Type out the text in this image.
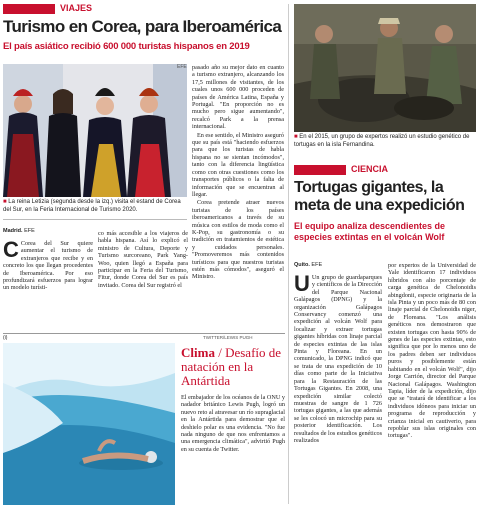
VIAJES
Turismo en Corea, para Iberoamérica
El país asiático recibió 600 000 turistas hispanos en 2019
EFE
■ La reina Letizia (segunda desde la izq.) visita el estand de Corea del Sur, en la Feria Internacional de Turismo 2020.
Madrid. EFE
C Corea del Sur quiere aumentar el turismo de extranjeros que recibe y en concreto los que llegan procedentes de Iberoamérica. Por eso profundizará esfuerzos para lograr un modelo turísti-
co más accesible a los viajeros de habla hispana. Así lo explicó el ministro de Cultura, Deporte y Turismo surcoreano, Park Yang-Woo, quien llegó a España para participar en la Feria del Turismo, Fitur, donde Corea del Sur es país invitado. Corea del Sur registró el

pasado año su mejor dato en cuanto a turismo extranjero, alcanzando los 17,5 millones de visitantes, de los cuales unos 600 000 proceden de países de América Latina, España y Portugal. "En proporción no es mucho pero sigue aumentando", recalcó Park a la prensa internacional.

En ese sentido, el Ministro aseguró que su país está "haciendo esfuerzos para que los turistas de habla hispana no se sientan incómodos", tanto con la diferencia lingüística como con otras cuestiones como los transportes públicos o la falta de información que se encuentran al llegar.

Corea pretende atraer nuevos turistas de los países iberoamericanos a través de su música con estilos de moda como el K-Pop, su gastronomía o su tradición en tratamientos de estética y cuidados personales. "Promoveremos más contenidos turísticos para que nuestros turistas estén más cómodos", aseguró el Ministro.

(i)	TWITTER/LEWIS PUGH
Clima / Desafío de natación en la Antártida
El embajador de los océanos de la ONU y nadador británico Lewis Pugh, logró un nuevo reto al atravesar un río supraglacial en la Antártida para demostrar que el deshielo polar es una evidencia. "No fue nada ninguno de que nos enfrentamos a una emergencia climática", advirtió Pugh en su cuenta de Twitter.
■ En el 2015, un grupo de expertos realizó un estudio genético de tortugas en la isla Fernandina.
CIENCIA
Tortugas gigantes, la meta de una expedición
El equipo analiza descendientes de especies extintas en el volcán Wolf
Quito. EFE
U Un grupo de guardaparques y científicos de la Dirección del Parque Nacional Galápagos (DPNG) y la organización Galápagos Conservancy comenzó una expedición al volcán Wolf para localizar y extraer tortugas gigantes híbridas con linaje parcial de especies extintas de las islas Pinta y Floreana. En un comunicado, la DPNG indicó que se trata de una expedición de 10 días como parte de la Iniciativa para la Restauración de las Tortugas Gigantes. En 2008, una expedición similar colectó muestras de sangre de 1 726 tortugas gigantes, a las que además se les colocó un microchip para su posterior identificación. Los resultados de los estudios genéticos realizados
por expertos de la Universidad de Yale identificaron 17 individuos híbridos con alto porcentaje de carga genética de Chelonoidis abingdonii, especie originaria de la isla Pinta y un poco más de 80 con linaje parcial de Chelonoidis niger, de Floreana. "Los análisis genéticos nos demostraron que existen tortugas con hasta 90% de genes de las especies extintas, esto significa que por lo menos uno de los padres deben ser individuos puros y posiblemente están habitando en el volcán Wolf", dijo Jorge Carrión, director del Parque Nacional Galápagos. Washington Tapia, líder de la expedición, dijo que se "tratará de identificar a los individuos idóneos para iniciar un programa de reproducción y crianza inicial en cautiverio, para repoblar sus islas originales con tortugas".
